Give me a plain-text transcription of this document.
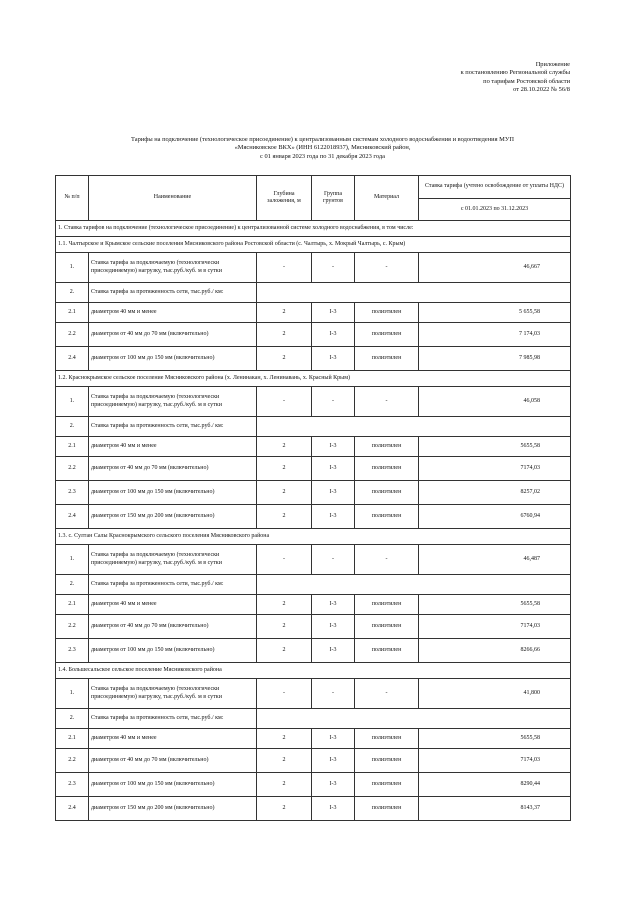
Приложение
к постановлению Региональной службы
по тарифам Ростовской области
от 28.10.2022 № 56/8
Тарифы на подключение (технологическое присоединение) к централизованным системам холодного водоснабжения и водоотведения МУП
«Мясниковское ВКХ» (ИНН 6122018937), Мясниковский район,
с 01 января 2023 года по 31 декабря 2023 года
№ п/п	Наименование	Глубина заложения, м	Группа грунтов	Материал	Ставка тарифа (учтено освобождение от уплаты НДС)
					с 01.01.2023 по 31.12.2023
1. Ставка тарифов на подключение (технологическое присоединение) к централизованной системе холодного водоснабжения, в том числе:					
1.1. Чалтырское и Крымское сельские поселения Мясниковского района Ростовской области (с. Чалтырь, х. Мокрый Чалтырь, с. Крым)					
1.	Ставка тарифа за подключаемую (технологически присоединяемую) нагрузку, тыс.руб./куб. м в сутки	-	-	-	46,667
2.	Ставка тарифа за протяженность сети, тыс.руб./ км:				
2.1	диаметром 40 мм и менее	2	I-3	полиэтилен	5 655,58
2.2	диаметром от 40 мм до 70 мм (включительно)	2	I-3	полиэтилен	7 174,03
2.4	диаметром от 100 мм до 150 мм (включительно)	2	I-3	полиэтилен	7 985,98
1.2. Краснокрымское сельское поселение Мясниковского района (х. Ленинакан, х. Ленинавань, х. Красный Крым)					
1.	Ставка тарифа за подключаемую (технологически присоединяемую) нагрузку, тыс.руб./куб. м в сутки	-	-	-	46,058
2.	Ставка тарифа за протяженность сети, тыс.руб./ км:				
2.1	диаметром 40 мм и менее	2	I-3	полиэтилен	5655,58
2.2	диаметром от 40 мм до 70 мм (включительно)	2	I-3	полиэтилен	7174,03
2.3	диаметром от 100 мм до 150 мм (включительно)	2	I-3	полиэтилен	8257,02
2.4	диаметром от 150 мм до 200 мм (включительно)	2	I-3	полиэтилен	6760,94
1.3. с. Султан Салы Краснокрымского сельского поселения Мясниковского района					
1.	Ставка тарифа за подключаемую (технологически присоединяемую) нагрузку, тыс.руб./куб. м в сутки	-	-	-	46,487
2.	Ставка тарифа за протяженность сети, тыс.руб./ км:				
2.1	диаметром 40 мм и менее	2	I-3	полиэтилен	5655,58
2.2	диаметром от 40 мм до 70 мм (включительно)	2	I-3	полиэтилен	7174,03
2.3	диаметром от 100 мм до 150 мм (включительно)	2	I-3	полиэтилен	8266,66
1.4. Большесальское сельское поселение Мясниковского района					
1.	Ставка тарифа за подключаемую (технологически присоединяемую) нагрузку, тыс.руб./куб. м в сутки	-	-	-	41,800
2.	Ставка тарифа за протяженность сети, тыс.руб./ км:				
2.1	диаметром 40 мм и менее	2	I-3	полиэтилен	5655,58
2.2	диаметром от 40 мм до 70 мм (включительно)	2	I-3	полиэтилен	7174,03
2.3	диаметром от 100 мм до 150 мм (включительно)	2	I-3	полиэтилен	8290,44
2.4	диаметром от 150 мм до 200 мм (включительно)	2	I-3	полиэтилен	8143,37
